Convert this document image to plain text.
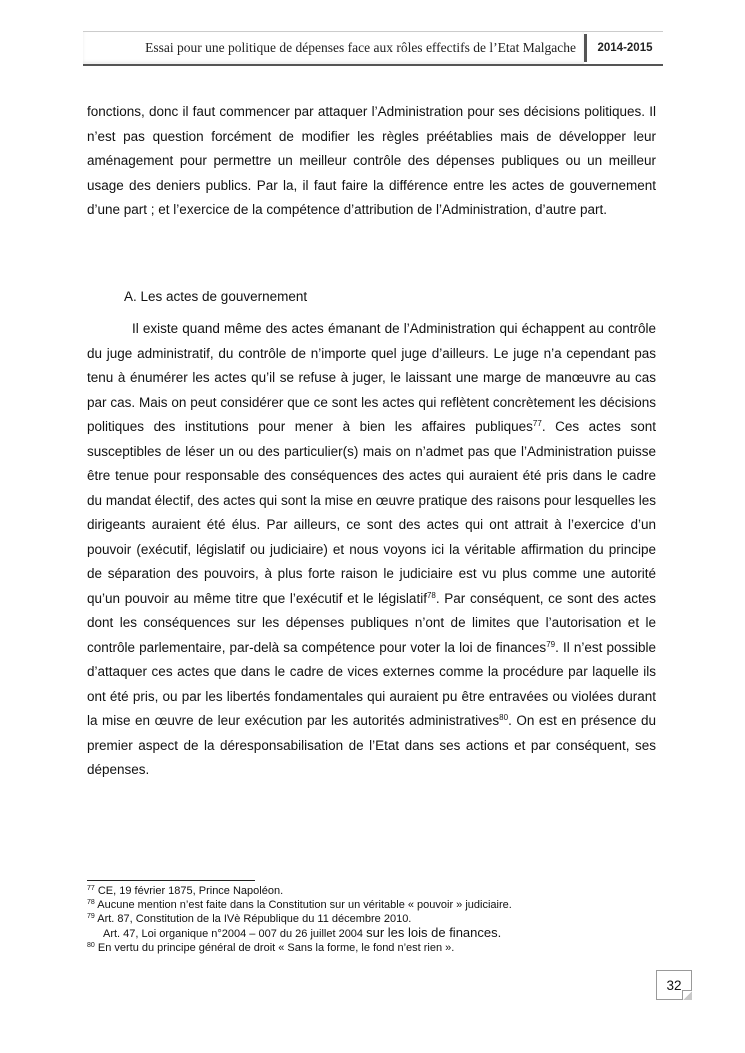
Essai pour une politique de dépenses face aux rôles effectifs de l’Etat Malgache	2014-2015

fonctions, donc il faut commencer par attaquer l’Administration pour ses décisions politiques. Il n’est pas question forcément de modifier les règles préétablies mais de développer leur aménagement pour permettre un meilleur contrôle des dépenses publiques ou un meilleur usage des deniers publics. Par la, il faut faire la différence entre les actes de gouvernement d’une part ; et l’exercice de la compétence d’attribution de l’Administration, d’autre part.

A. Les actes de gouvernement

Il existe quand même des actes émanant de l’Administration qui échappent au contrôle du juge administratif, du contrôle de n’importe quel juge d’ailleurs. Le juge n’a cependant pas tenu à énumérer les actes qu’il se refuse à juger, le laissant une marge de manœuvre au cas par cas. Mais on peut considérer que ce sont les actes qui reflètent concrètement les décisions politiques des institutions pour mener à bien les affaires publiques$^{77}$. Ces actes sont susceptibles de léser un ou des particulier(s) mais on n’admet pas que l’Administration puisse être tenue pour responsable des conséquences des actes qui auraient été pris dans le cadre du mandat électif, des actes qui sont la mise en œuvre pratique des raisons pour lesquelles les dirigeants auraient été élus. Par ailleurs, ce sont des actes qui ont attrait à l’exercice d’un pouvoir (exécutif, législatif ou judiciaire) et nous voyons ici la véritable affirmation du principe de séparation des pouvoirs, à plus forte raison le judiciaire est vu plus comme une autorité qu’un pouvoir au même titre que l’exécutif et le législatif$^{78}$. Par conséquent, ce sont des actes dont les conséquences sur les dépenses publiques n’ont de limites que l’autorisation et le contrôle parlementaire, par-delà sa compétence pour voter la loi de finances$^{79}$. Il n’est possible d’attaquer ces actes que dans le cadre de vices externes comme la procédure par laquelle ils ont été pris, ou par les libertés fondamentales qui auraient pu être entravées ou violées durant la mise en œuvre de leur exécution par les autorités administratives$^{80}$. On est en présence du premier aspect de la déresponsabilisation de l’Etat dans ses actions et par conséquent, ses dépenses.

$^{77}$ CE, 19 février 1875, Prince Napoléon.

$^{78}$ Aucune mention n’est faite dans la Constitution sur un véritable « pouvoir » judiciaire.

$^{79}$ Art. 87, Constitution de la IVè République du 11 décembre 2010.

Art. 47, Loi organique n°2004 – 007 du 26 juillet 2004 sur les lois de finances.

$^{80}$ En vertu du principe général de droit « Sans la forme, le fond n’est rien ».

32
